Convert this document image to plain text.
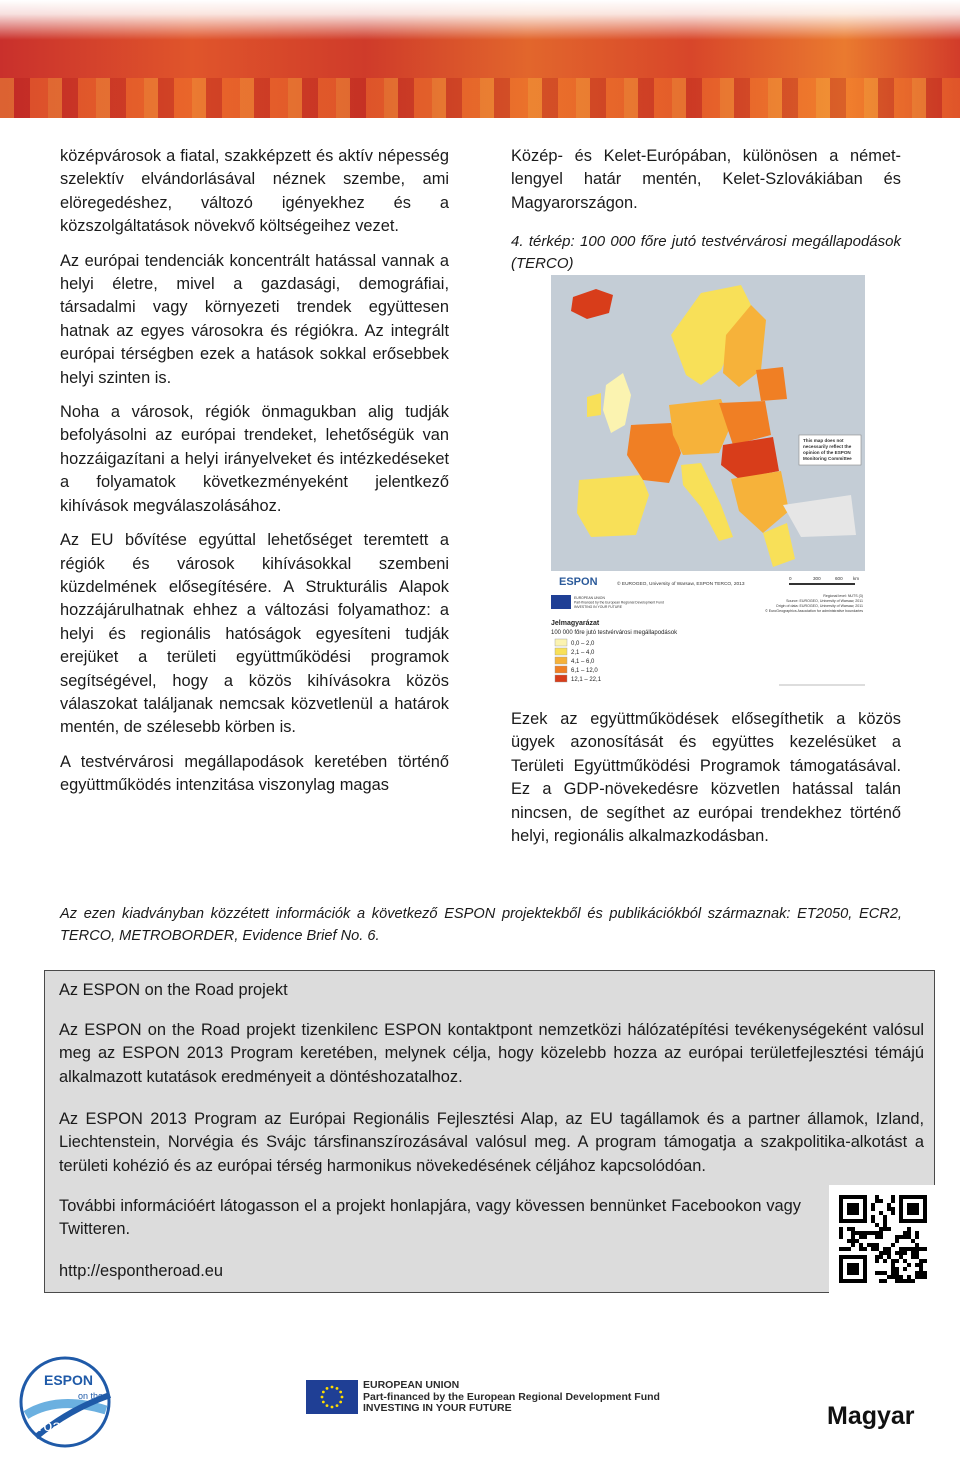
középvárosok a fiatal, szakképzett és aktív népesség szelektív elvándorlásával néznek szembe, ami elöregedéshez, változó igényekhez és a közszolgáltatások növekvő költségeihez vezet.

Az európai tendenciák koncentrált hatással vannak a helyi életre, mivel a gazdasági, demográfiai, társadalmi vagy környezeti trendek együttesen hatnak az egyes városokra és régiókra. Az integrált európai térségben ezek a hatások sokkal erősebbek helyi szinten is.

Noha a városok, régiók önmagukban alig tudják befolyásolni az európai trendeket, lehetőségük van hozzáigazítani a helyi irányelveket és intézkedéseket a folyamatok következményeként jelentkező kihívások megválaszolásához.

Az EU bővítése egyúttal lehetőséget teremtett a régiók és városok kihívásokkal szembeni küzdelmének elősegítésére. A Strukturális Alapok hozzájárulhatnak ehhez a változási folyamathoz: a helyi és regionális hatóságok egyesíteni tudják erejüket a területi együttműködési programok segítségével, hogy a közös kihívásokra közös válaszokat találjanak nemcsak közvetlenül a határok mentén, de szélesebb körben is.

A testvérvárosi megállapodások keretében történő együttműködés intenzitása viszonylag magas

Közép- és Kelet-Európában, különösen a német-lengyel határ mentén, Kelet-Szlovákiában és Magyarországon.

4. térkép: 100 000 főre jutó testvérvárosi megállapodások (TERCO)

This map does not
necessarily reflect the
opinion of the ESPON
Monitoring Committee
ESPON	© EUROGEO, University of Warsaw, ESPON TERCO, 2013
0	300	600 km
EUROPEAN UNION
Part-financed by the European Regional Development Fund
INVESTING IN YOUR FUTURE
Regional level: NUTS (3)
Source: EUROGEO, University of Warsaw, 2011
Origin of data: EUROGEO, University of Warsaw, 2011
© EuroGeographics Association for administrative boundaries
Jelmagyarázat
100 000 főre jutó testvérvárosi megállapodások
0,0 – 2,0
2,1 – 4,0
4,1 – 6,0
6,1 – 12,0
12,1 – 22,1

Ezek az együttműködések elősegíthetik a közös ügyek azonosítását és együttes kezelésüket a Területi Együttműködési Programok támogatásával. Ez a GDP-növekedésre közvetlen hatással talán nincsen, de segíthet az európai trendekhez történő helyi, regionális alkalmazkodásban.

Az ezen kiadványban közzétett információk a következő ESPON projektekből és publikációkból származnak: ET2050, ECR2, TERCO, METROBORDER, Evidence Brief No. 6.
Az ESPON on the Road projekt
Az ESPON on the Road projekt tizenkilenc ESPON kontaktpont nemzetközi hálózatépítési tevékenységeként valósul meg az ESPON 2013 Program keretében, melynek célja, hogy közelebb hozza az európai területfejlesztési témájú alkalmazott kutatások eredményeit a döntéshozatalhoz.
Az ESPON 2013 Program az Európai Regionális Fejlesztési Alap, az EU tagállamok és a partner államok, Izland, Liechtenstein, Norvégia és Svájc társfinanszírozásával valósul meg. A program támogatja a szakpolitika-alkotást a területi kohézió és az európai térség harmonikus növekedésének céljához kapcsolódóan.
További információért látogasson el a projekt honlapjára, vagy kövessen bennünket Facebookon vagy Twitteren.
http://espontheroad.eu
ESPON
on the
road
EUROPEAN UNION
Part-financed by the European Regional Development Fund
INVESTING IN YOUR FUTURE	Magyar
